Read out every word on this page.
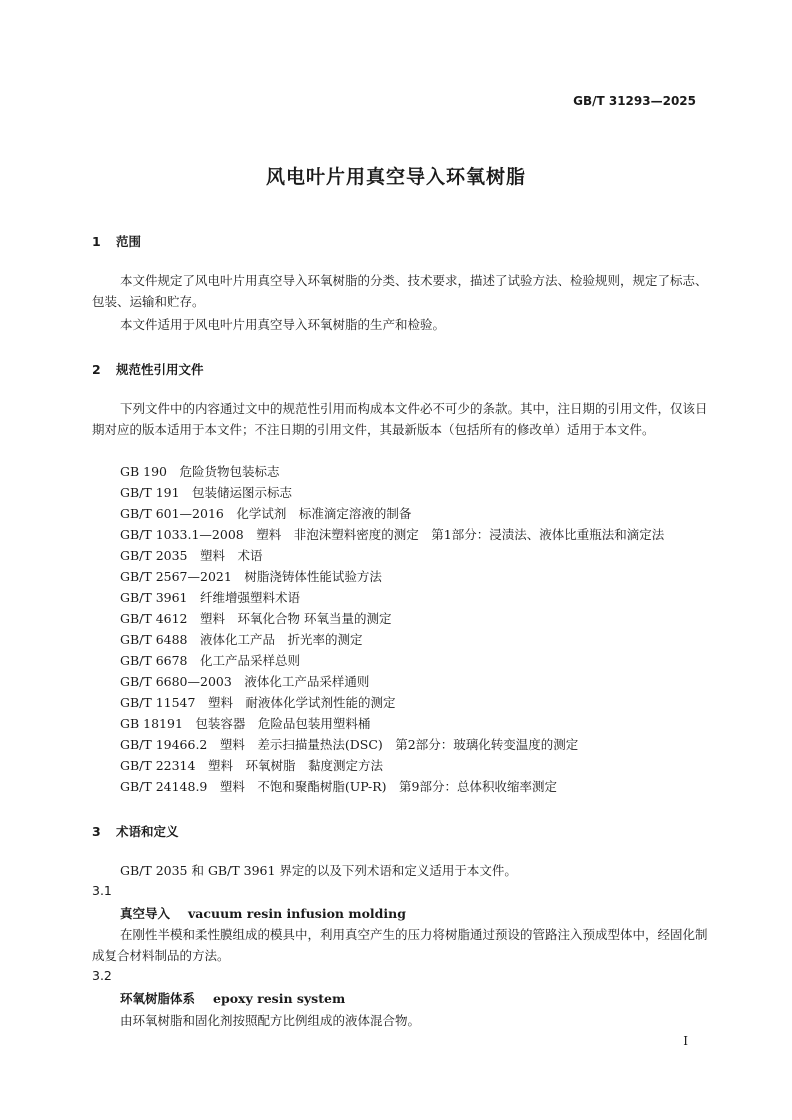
GB/T 31293—2025
风电叶片用真空导入环氧树脂
1 范围
本文件规定了风电叶片用真空导入环氧树脂的分类、技术要求，描述了试验方法、检验规则，规定了标志、包装、运输和贮存。
本文件适用于风电叶片用真空导入环氧树脂的生产和检验。
2 规范性引用文件
下列文件中的内容通过文中的规范性引用而构成本文件必不可少的条款。其中，注日期的引用文件，仅该日期对应的版本适用于本文件；不注日期的引用文件，其最新版本（包括所有的修改单）适用于本文件。
GB 190　危险货物包装标志
GB/T 191　包装储运图示标志
GB/T 601—2016　化学试剂　标准滴定溶液的制备
GB/T 1033.1—2008　塑料　非泡沫塑料密度的测定　第1部分：浸渍法、液体比重瓶法和滴定法
GB/T 2035　塑料　术语
GB/T 2567—2021　树脂浇铸体性能试验方法
GB/T 3961　纤维增强塑料术语
GB/T 4612　塑料　环氧化合物 环氧当量的测定
GB/T 6488　液体化工产品　折光率的测定
GB/T 6678　化工产品采样总则
GB/T 6680—2003　液体化工产品采样通则
GB/T 11547　塑料　耐液体化学试剂性能的测定
GB 18191　包装容器　危险品包装用塑料桶
GB/T 19466.2　塑料　差示扫描量热法(DSC)　第2部分：玻璃化转变温度的测定
GB/T 22314　塑料　环氧树脂　黏度测定方法
GB/T 24148.9　塑料　不饱和聚酯树脂(UP-R)　第9部分：总体积收缩率测定
3 术语和定义
GB/T 2035 和 GB/T 3961 界定的以及下列术语和定义适用于本文件。
3.1
真空导入 vacuum resin infusion molding
在刚性半模和柔性膜组成的模具中，利用真空产生的压力将树脂通过预设的管路注入预成型体中，经固化制成复合材料制品的方法。
3.2
环氧树脂体系 epoxy resin system
由环氧树脂和固化剂按照配方比例组成的液体混合物。
I
